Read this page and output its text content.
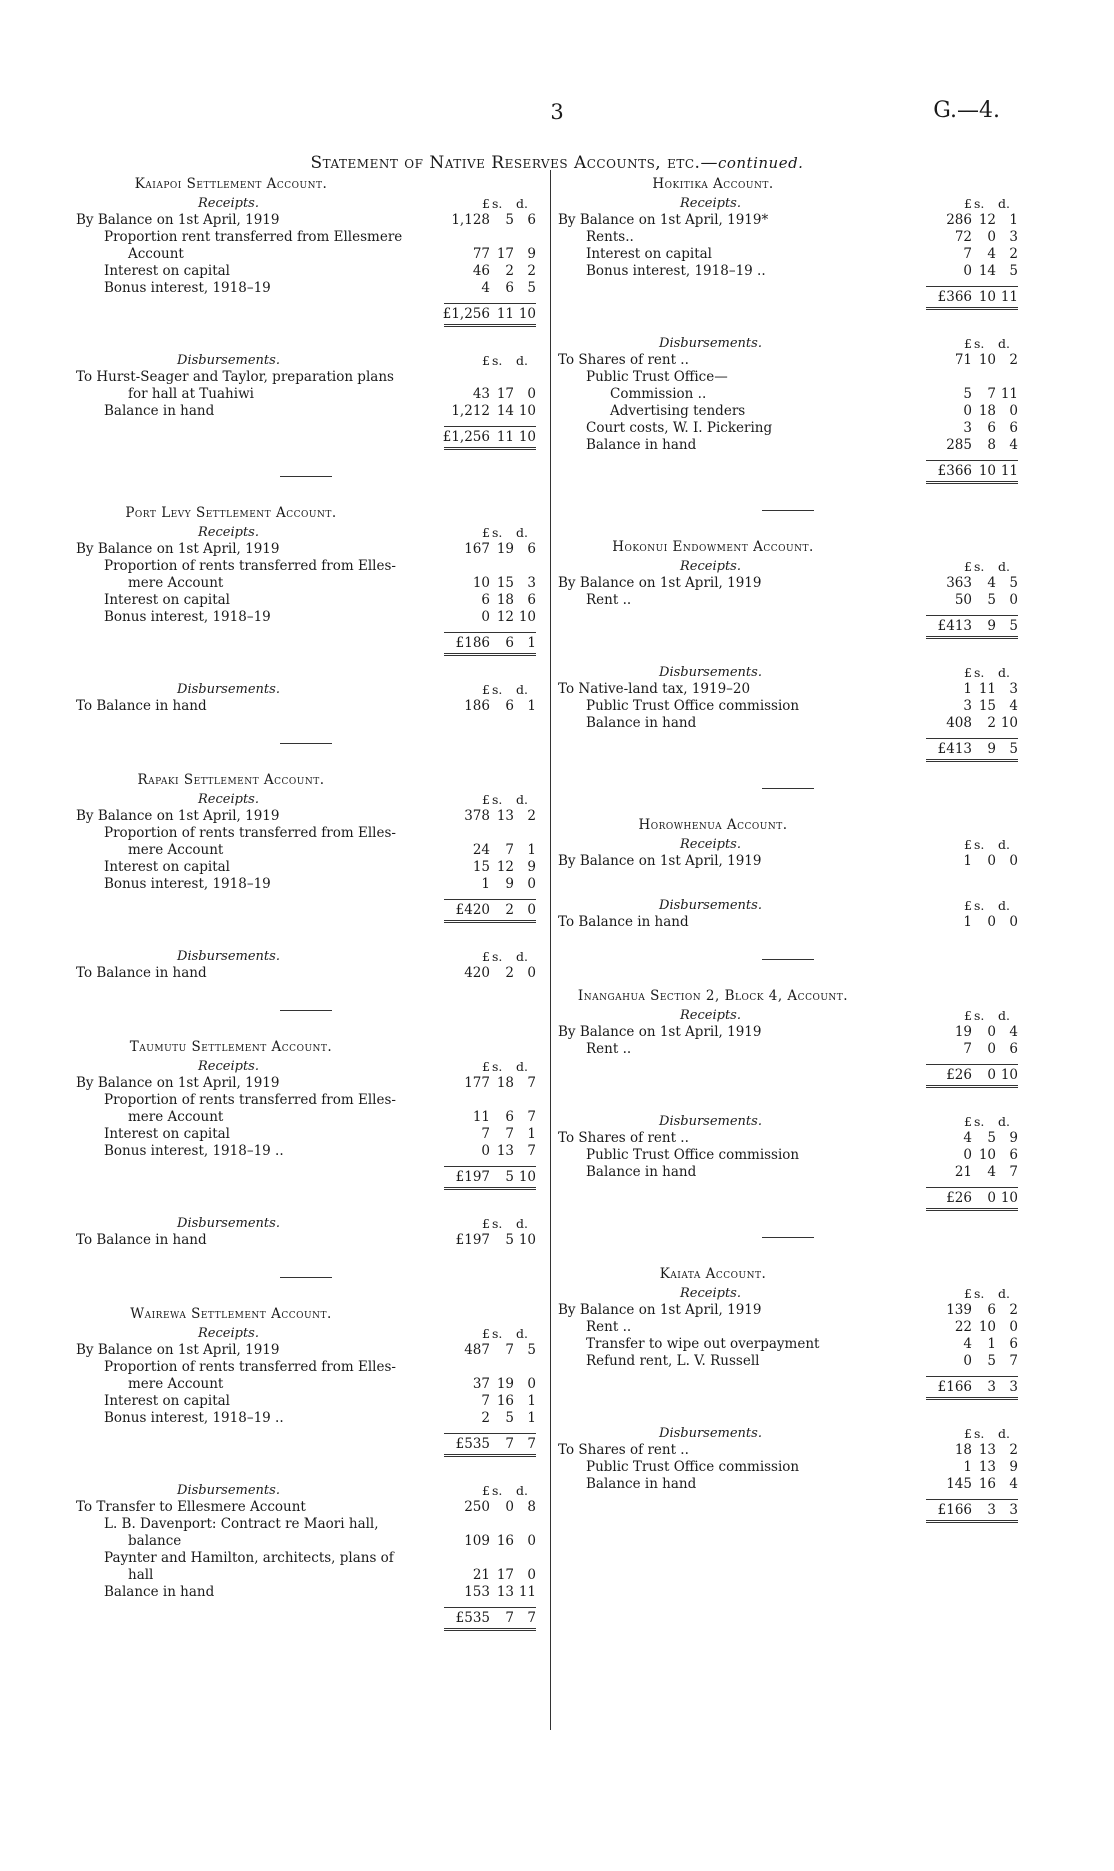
3	G.—4.
Statement of Native Reserves Accounts, etc.—continued.
Kaiapoi Settlement Account.
Receipts.	£ s.	d.
By Balance on 1st April, 1919	1,128	5 6
Proportion rent transferred from Ellesmere
Account	77 17 9
Interest on capital	46	2 2
Bonus interest, 1918–19	4	6 5
£1,256 11 10
Disbursements.	£ s.	d.
To Hurst-Seager and Taylor, preparation plans
for hall at Tuahiwi	43 17 0
Balance in hand	1,212 14 10
£1,256 11 10
Port Levy Settlement Account.
Receipts.	£ s.	d.
By Balance on 1st April, 1919	167 19 6
Proportion of rents transferred from Elles-
mere Account	10 15 3
Interest on capital	6 18 6
Bonus interest, 1918–19	0 12 10
£186	6 1
Disbursements.	£ s.	d.
To Balance in hand	186	6 1
Rapaki Settlement Account.
Receipts.	£ s.	d.
By Balance on 1st April, 1919	378 13 2
Proportion of rents transferred from Elles-
mere Account	24	7 1
Interest on capital	15 12 9
Bonus interest, 1918–19	1	9 0
£420	2 0
Disbursements.	£ s.	d.
To Balance in hand	420	2 0
Taumutu Settlement Account.
Receipts.	£ s.	d.
By Balance on 1st April, 1919	177 18 7
Proportion of rents transferred from Elles-
mere Account	11	6 7
Interest on capital	7	7 1
Bonus interest, 1918–19 ..	0 13 7
£197	5 10
Disbursements.	£ s.	d.
To Balance in hand	£197	5 10
Wairewa Settlement Account.
Receipts.	£ s.	d.
By Balance on 1st April, 1919	487	7 5
Proportion of rents transferred from Elles-
mere Account	37 19 0
Interest on capital	7 16 1
Bonus interest, 1918–19 ..	2	5 1
£535	7 7
Disbursements.	£ s.	d.
To Transfer to Ellesmere Account	250	0 8
L. B. Davenport: Contract re Maori hall,
balance	109 16 0
Paynter and Hamilton, architects, plans of
hall	21 17 0
Balance in hand	153 13 11
£535	7 7
Hokitika Account.
Receipts.	£ s.	d.
By Balance on 1st April, 1919*	286 12 1
Rents..	72	0 3
Interest on capital	7	4 2
Bonus interest, 1918–19 ..	0 14 5
£366 10 11
Disbursements.	£ s.	d.
To Shares of rent ..	71 10 2
Public Trust Office—
Commission ..	5	7 11
Advertising tenders	0 18 0
Court costs, W. I. Pickering	3	6 6
Balance in hand	285	8 4
£366 10 11
Hokonui Endowment Account.
Receipts.	£ s.	d.
By Balance on 1st April, 1919	363	4 5
Rent ..	50	5 0
£413	9 5
Disbursements.	£ s.	d.
To Native-land tax, 1919–20	1 11 3
Public Trust Office commission	3 15 4
Balance in hand	408	2 10
£413	9 5
Horowhenua Account.
Receipts.	£ s.	d.
By Balance on 1st April, 1919	1	0 0
Disbursements.	£ s.	d.
To Balance in hand	1	0 0
Inangahua Section 2, Block 4, Account.
Receipts.	£ s.	d.
By Balance on 1st April, 1919	19	0 4
Rent ..	7	0 6
£26	0 10
Disbursements.	£ s.	d.
To Shares of rent ..	4	5 9
Public Trust Office commission	0 10 6
Balance in hand	21	4 7
£26	0 10
Kaiata Account.
Receipts.	£ s.	d.
By Balance on 1st April, 1919	139	6 2
Rent ..	22 10 0
Transfer to wipe out overpayment	4	1 6
Refund rent, L. V. Russell	0	5 7
£166	3 3
Disbursements.	£ s.	d.
To Shares of rent ..	18 13 2
Public Trust Office commission	1 13 9
Balance in hand	145 16 4
£166	3 3
